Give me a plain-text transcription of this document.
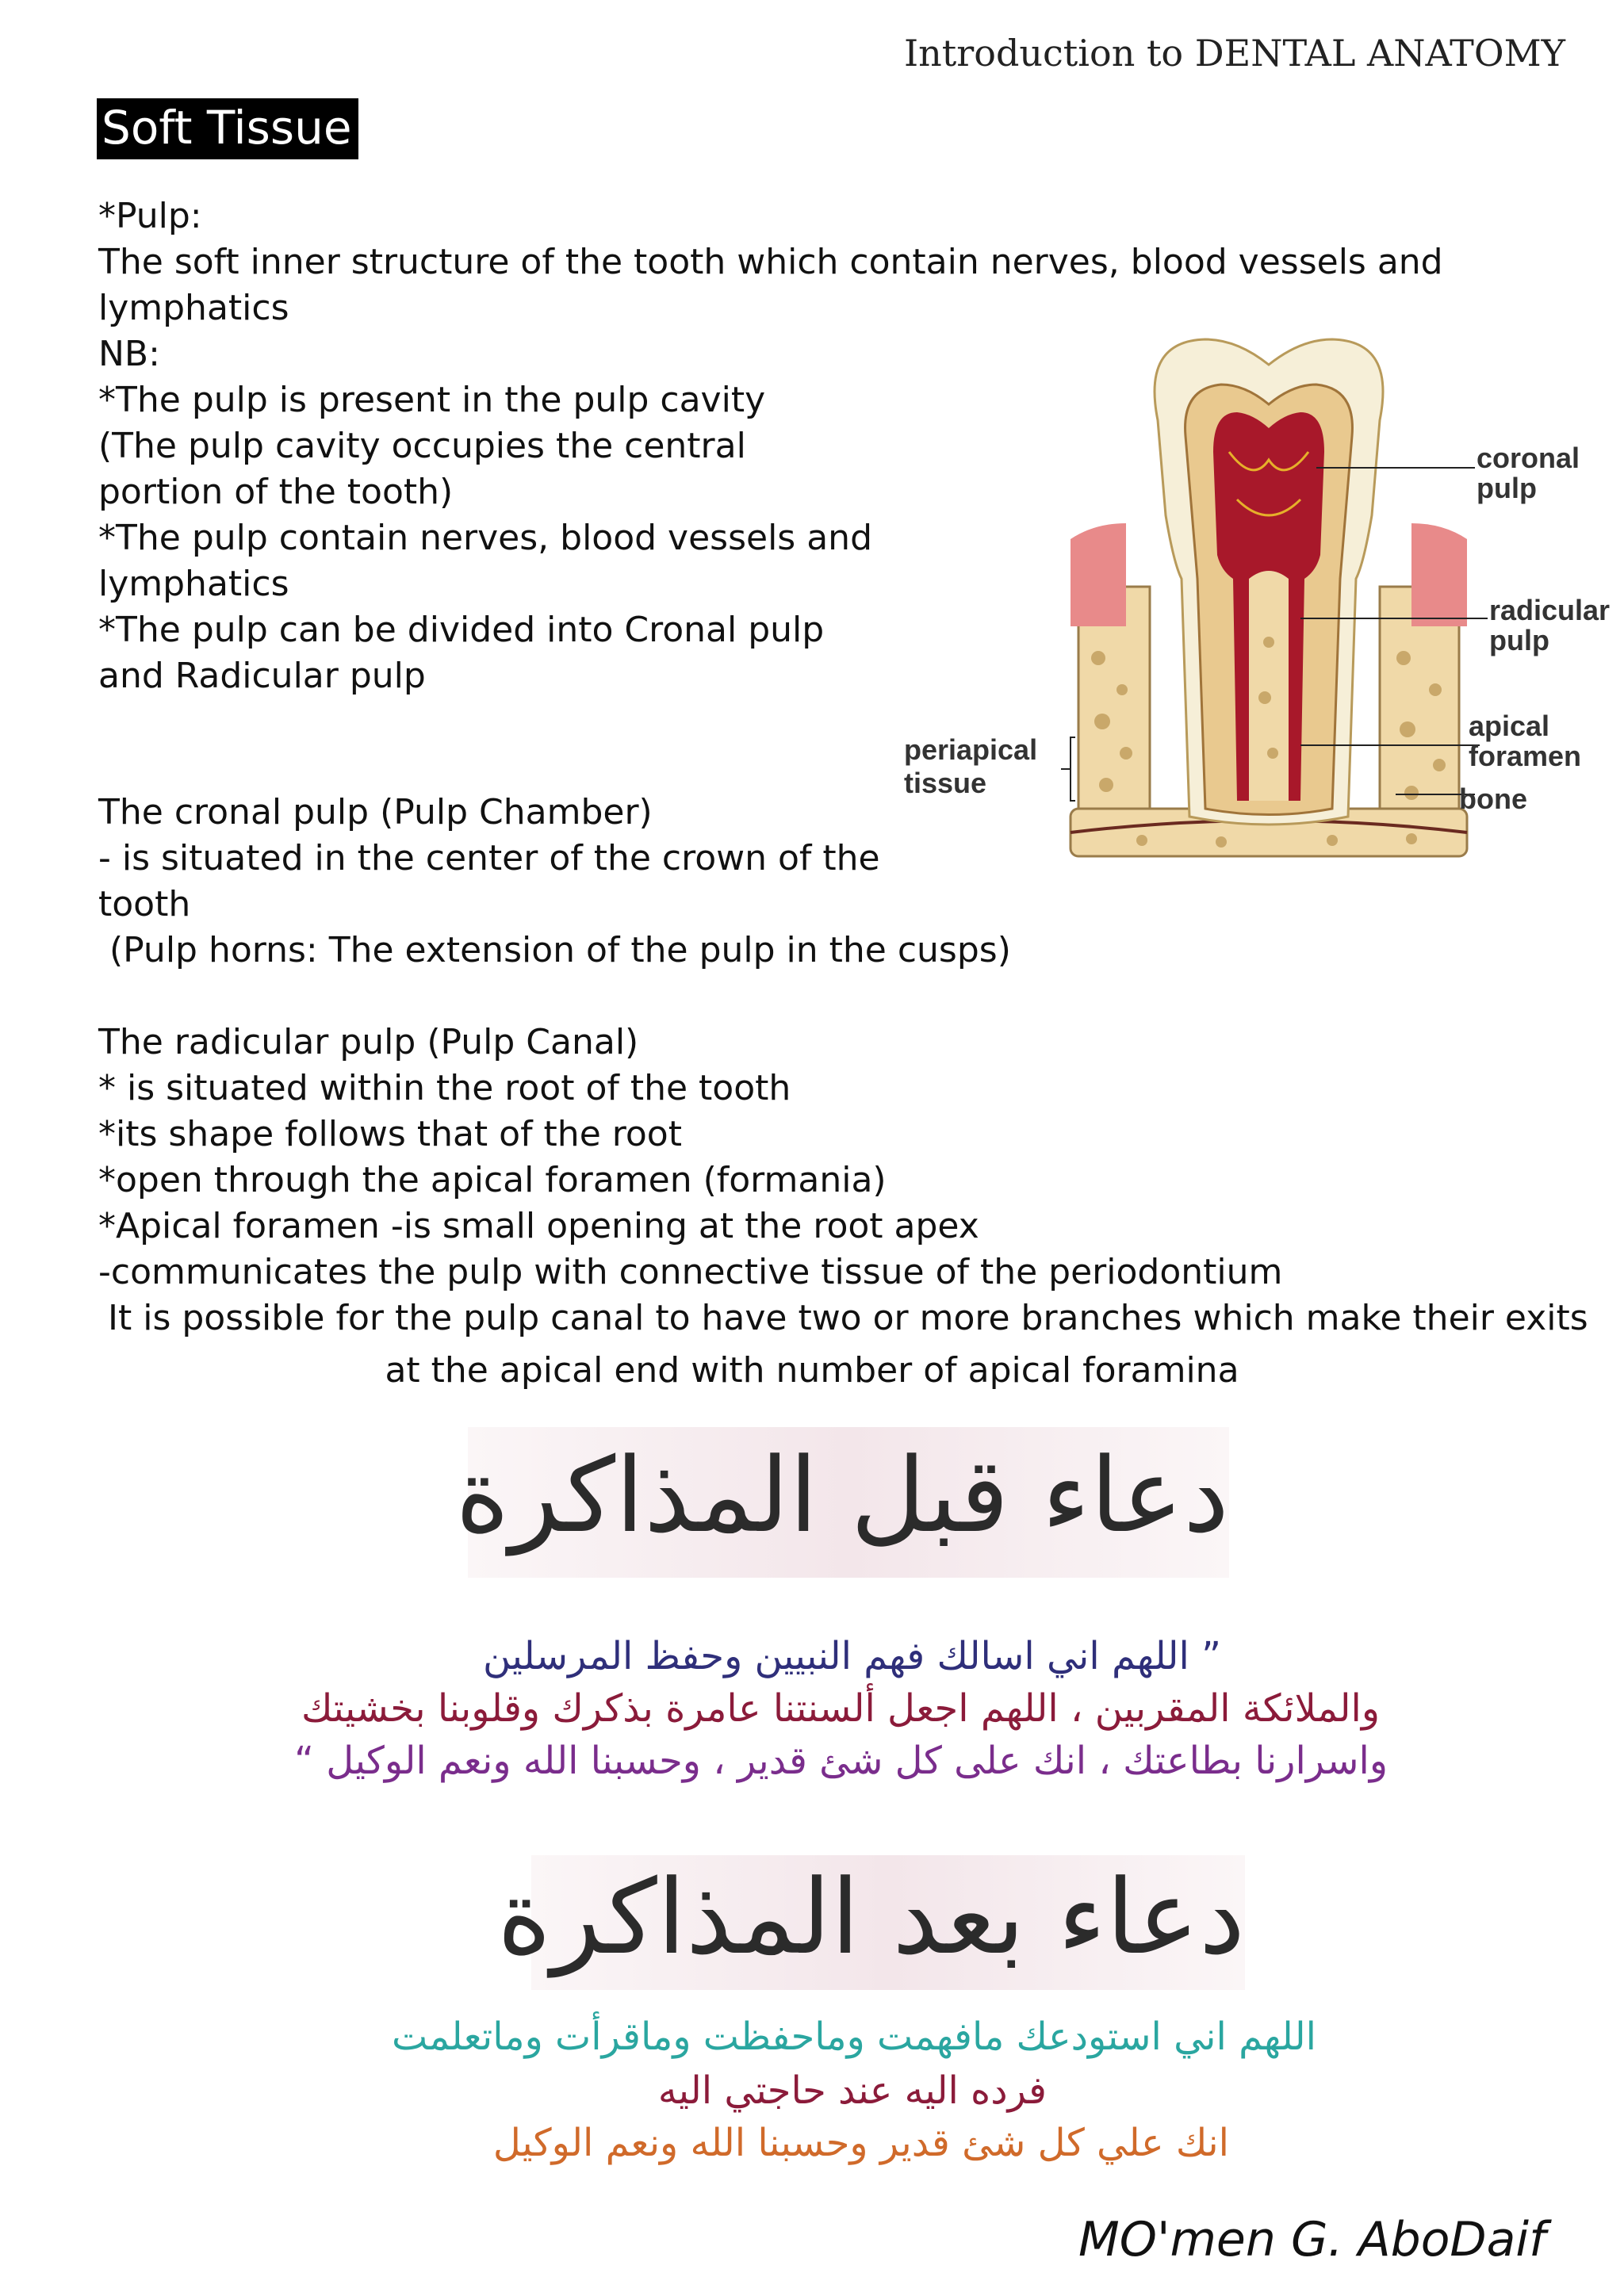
Introduction to DENTAL ANATOMY
Soft Tissue
*Pulp:
The soft inner structure of the tooth which contain nerves, blood vessels and
lymphatics
NB:
*The pulp is present in the pulp cavity
(The pulp cavity occupies the central
portion of the tooth)
*The pulp contain nerves, blood vessels and
lymphatics
*The pulp can be divided into Cronal pulp
and Radicular pulp
The cronal pulp (Pulp Chamber)
- is situated in the center of the crown of the
tooth
(Pulp horns: The extension of the pulp in the cusps)
The radicular pulp (Pulp Canal)
* is situated within the root of the tooth
*its shape follows that of the root
*open through the apical foramen (formania)
*Apical foramen -is small opening at the root apex
-communicates the pulp with connective tissue of the periodontium
It is possible for the pulp canal to have two or more branches which make their exits
at the apical end with number of apical foramina
coronal
pulp
radicular
pulp
apical
foramen
bone
periapical
tissue
دعاء قبل المذاكرة
” اللهم اني اسالك فهم النبيين وحفظ المرسلين
والملائكة المقربين ، اللهم اجعل ألسنتنا عامرة بذكرك وقلوبنا بخشيتك
واسرارنا بطاعتك ، انك على كل شئ قدير ، وحسبنا الله ونعم الوكيل “
دعاء بعد المذاكرة
اللهم اني استودعك مافهمت وماحفظت وماقرأت وماتعلمت
فرده اليه عند حاجتي اليه
انك علي كل شئ قدير وحسبنا الله ونعم الوكيل
MO'men G. AboDaif
